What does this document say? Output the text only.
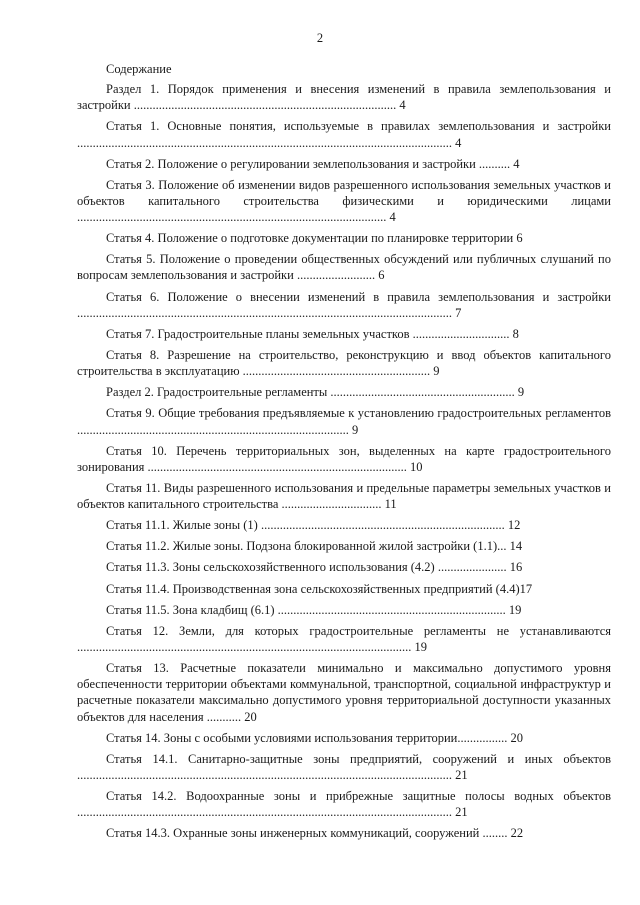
2
Содержание
Раздел 1. Порядок применения и внесения изменений в правила землепользования и застройки .................................................................................... 4
Статья 1. Основные понятия, используемые в правилах землепользования и застройки ........................................................................................................................ 4
Статья 2. Положение о регулировании землепользования и застройки .......... 4
Статья 3. Положение об изменении видов разрешенного использования земельных участков и объектов капитального строительства физическими и юридическими лицами ................................................................................................... 4
Статья 4. Положение о подготовке документации по планировке территории 6
Статья 5. Положение о проведении общественных обсуждений или публичных слушаний по вопросам землепользования и застройки ......................... 6
Статья 6. Положение о внесении изменений в правила землепользования и застройки ........................................................................................................................ 7
Статья 7. Градостроительные планы земельных участков ............................... 8
Статья 8. Разрешение на строительство, реконструкцию и ввод объектов капитального строительства в эксплуатацию ............................................................ 9
Раздел 2. Градостроительные регламенты ........................................................... 9
Статья 9. Общие требования предъявляемые к установлению градостроительных регламентов ....................................................................................... 9
Статья 10. Перечень территориальных зон, выделенных на карте градостроительного зонирования ................................................................................... 10
Статья 11. Виды разрешенного использования и предельные параметры земельных участков и объектов капитального строительства ................................ 11
Статья 11.1. Жилые зоны (1) .............................................................................. 12
Статья 11.2. Жилые зоны. Подзона блокированной жилой застройки (1.1)... 14
Статья 11.3. Зоны сельскохозяйственного использования (4.2) ...................... 16
Статья 11.4. Производственная зона сельскохозяйственных предприятий (4.4)17
Статья 11.5. Зона кладбищ (6.1) ......................................................................... 19
Статья 12. Земли, для которых градостроительные регламенты не устанавливаются ........................................................................................................... 19
Статья 13. Расчетные показатели минимально и максимально допустимого уровня обеспеченности территории объектами коммунальной, транспортной, социальной инфраструктур и расчетные показатели максимально допустимого уровня территориальной доступности указанных объектов для населения ........... 20
Статья 14. Зоны с особыми условиями использования территории................ 20
Статья 14.1. Санитарно-защитные зоны предприятий, сооружений и иных объектов ........................................................................................................................ 21
Статья 14.2. Водоохранные зоны и прибрежные защитные полосы водных объектов ........................................................................................................................ 21
Статья 14.3. Охранные зоны инженерных коммуникаций, сооружений ........ 22
